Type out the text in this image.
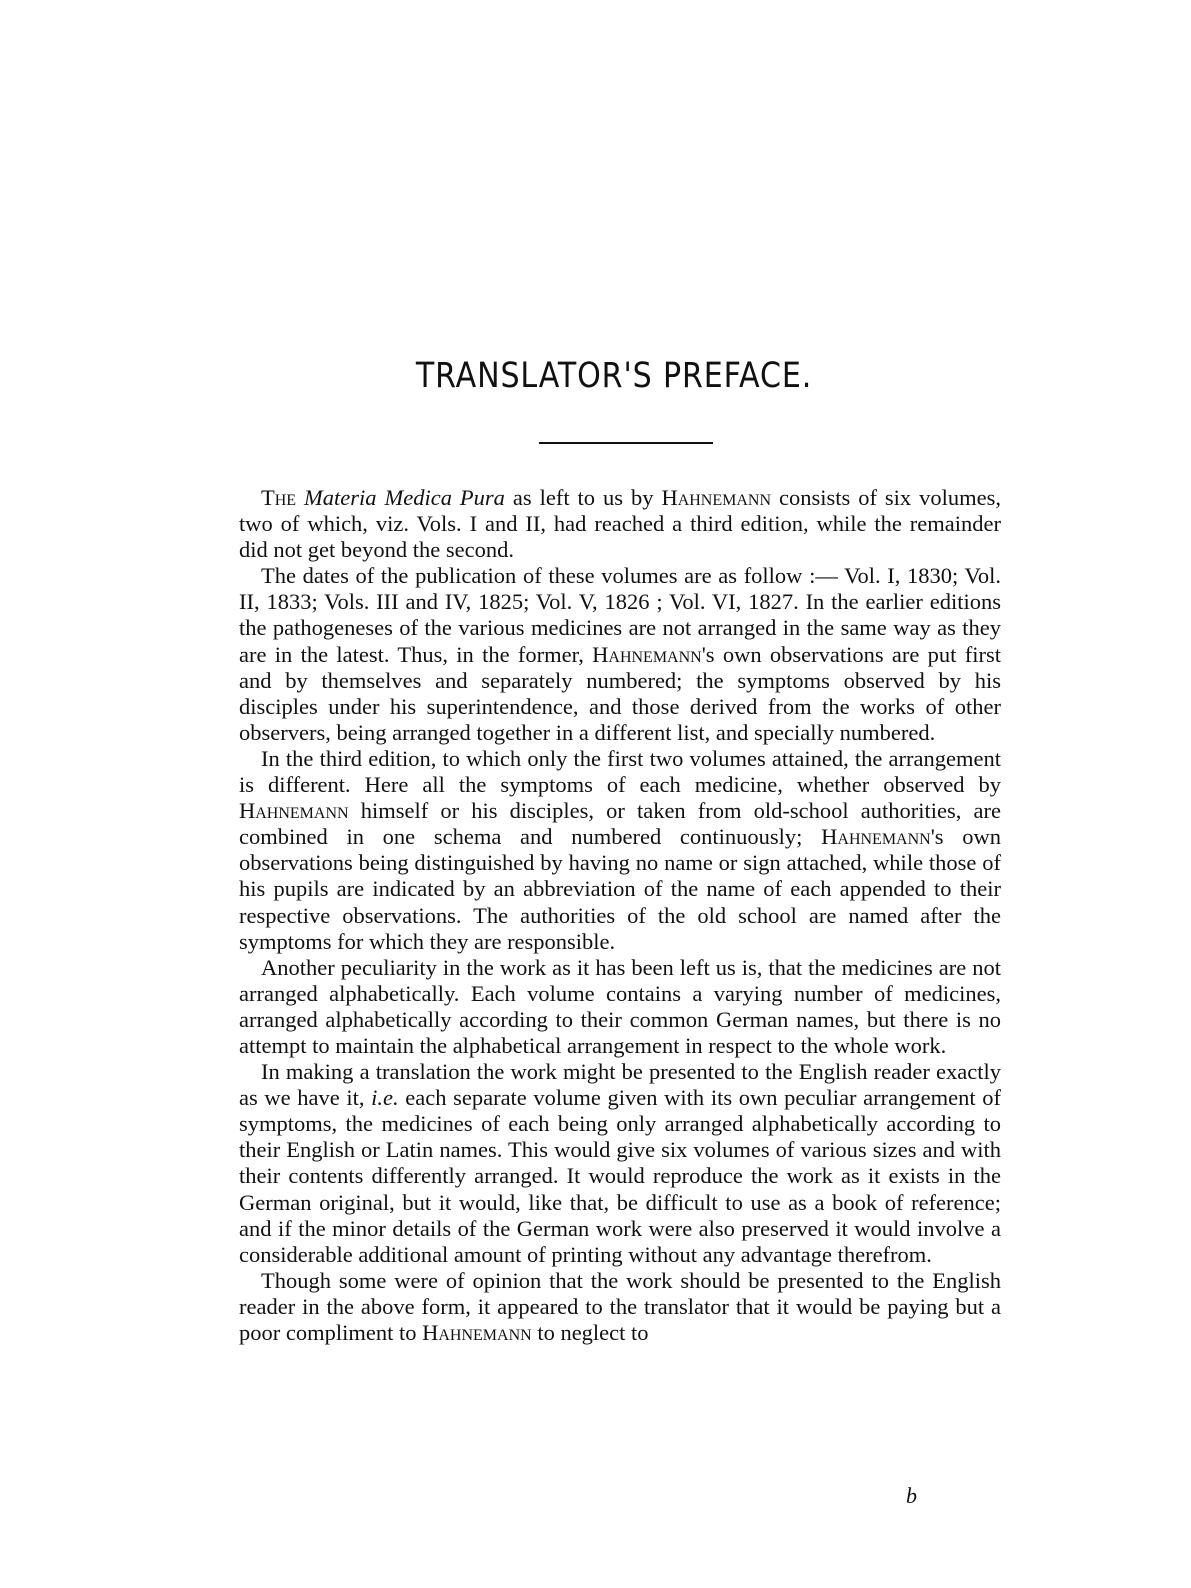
TRANSLATOR'S PREFACE.

The Materia Medica Pura as left to us by Hahnemann consists of six volumes, two of which, viz. Vols. I and II, had reached a third edition, while the remainder did not get beyond the second.

The dates of the publication of these volumes are as follow :— Vol. I, 1830; Vol. II, 1833; Vols. III and IV, 1825; Vol. V, 1826 ; Vol. VI, 1827. In the earlier editions the pathogeneses of the various medicines are not arranged in the same way as they are in the latest. Thus, in the former, Hahnemann's own observations are put first and by themselves and separately numbered; the symptoms observed by his disciples under his superintendence, and those derived from the works of other observers, being arranged together in a different list, and specially numbered.

In the third edition, to which only the first two volumes attained, the arrangement is different. Here all the symptoms of each medicine, whether observed by Hahnemann himself or his disciples, or taken from old-school authorities, are combined in one schema and numbered continuously; Hahnemann's own observations being distinguished by having no name or sign attached, while those of his pupils are indicated by an abbreviation of the name of each appended to their respective observations. The authorities of the old school are named after the symptoms for which they are responsible.

Another peculiarity in the work as it has been left us is, that the medicines are not arranged alphabetically. Each volume contains a varying number of medicines, arranged alphabetically according to their common German names, but there is no attempt to maintain the alphabetical arrangement in respect to the whole work.

In making a translation the work might be presented to the English reader exactly as we have it, i.e. each separate volume given with its own peculiar arrangement of symptoms, the medicines of each being only arranged alphabetically according to their English or Latin names. This would give six volumes of various sizes and with their contents differently arranged. It would reproduce the work as it exists in the German original, but it would, like that, be difficult to use as a book of reference; and if the minor details of the German work were also preserved it would involve a considerable additional amount of printing without any advantage therefrom.

Though some were of opinion that the work should be presented to the English reader in the above form, it appeared to the translator that it would be paying but a poor compliment to Hahnemann to neglect to

b
